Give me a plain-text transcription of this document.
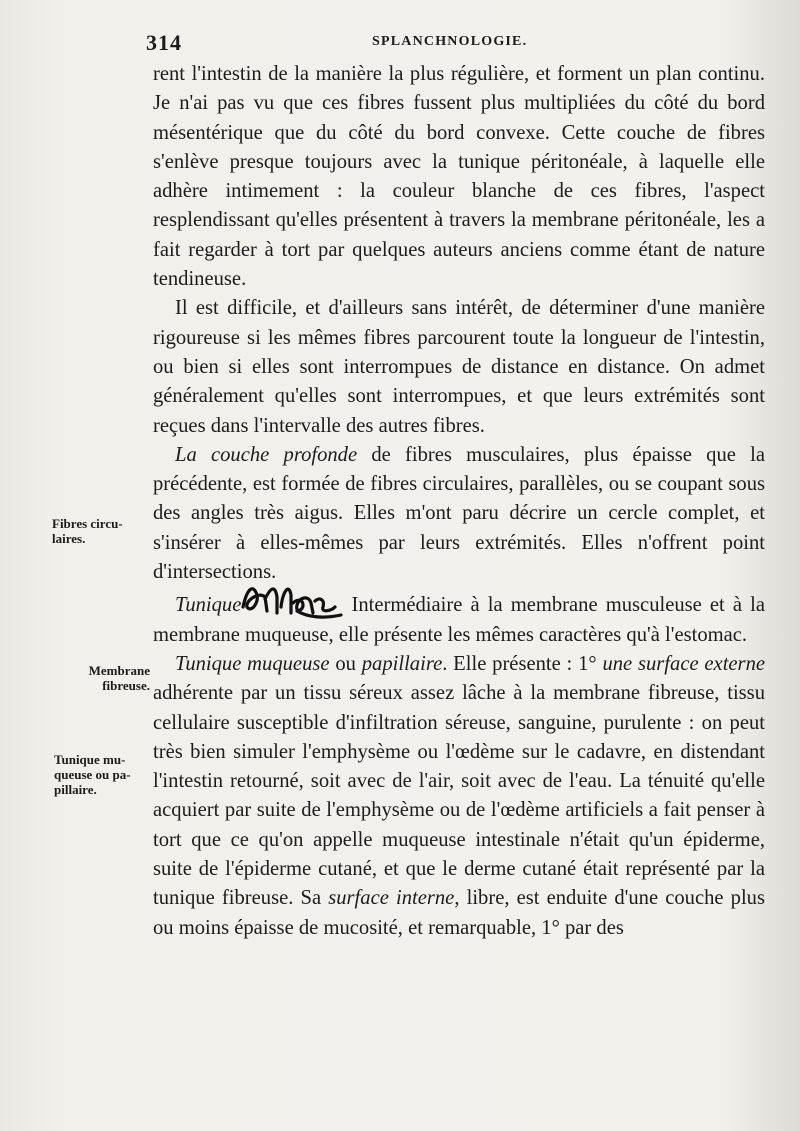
314	SPLANCHNOLOGIE.
Fibres circu-laires.
Membrane fibreuse.
Tunique mu-queuse ou pa-pillaire.

rent l'intestin de la manière la plus régulière, et forment un plan continu. Je n'ai pas vu que ces fibres fussent plus multipliées du côté du bord mésentérique que du côté du bord convexe. Cette couche de fibres s'enlève presque toujours avec la tunique péritonéale, à laquelle elle adhère intimement : la couleur blanche de ces fibres, l'aspect resplendissant qu'elles présentent à travers la membrane péritonéale, les a fait regarder à tort par quelques auteurs anciens comme étant de nature tendineuse.

Il est difficile, et d'ailleurs sans intérêt, de déterminer d'une manière rigoureuse si les mêmes fibres parcourent toute la longueur de l'intestin, ou bien si elles sont interrompues de distance en distance. On admet généralement qu'elles sont interrompues, et que leurs extrémités sont reçues dans l'intervalle des autres fibres.

La couche profonde de fibres musculaires, plus épaisse que la précédente, est formée de fibres circulaires, parallèles, ou se coupant sous des angles très aigus. Elles m'ont paru décrire un cercle complet, et s'insérer à elles-mêmes par leurs extrémités. Elles n'offrent point d'intersections.

Tunique	Intermédiaire à la membrane musculeuse et à la membrane muqueuse, elle présente les mêmes caractères qu'à l'estomac.

Tunique muqueuse ou papillaire. Elle présente : 1° une surface externe adhérente par un tissu séreux assez lâche à la membrane fibreuse, tissu cellulaire susceptible d'infiltration séreuse, sanguine, purulente : on peut très bien simuler l'emphysème ou l'œdème sur le cadavre, en distendant l'intestin retourné, soit avec de l'air, soit avec de l'eau. La ténuité qu'elle acquiert par suite de l'emphysème ou de l'œdème artificiels a fait penser à tort que ce qu'on appelle muqueuse intestinale n'était qu'un épiderme, suite de l'épiderme cutané, et que le derme cutané était représenté par la tunique fibreuse. Sa surface interne, libre, est enduite d'une couche plus ou moins épaisse de mucosité, et remarquable, 1° par des
